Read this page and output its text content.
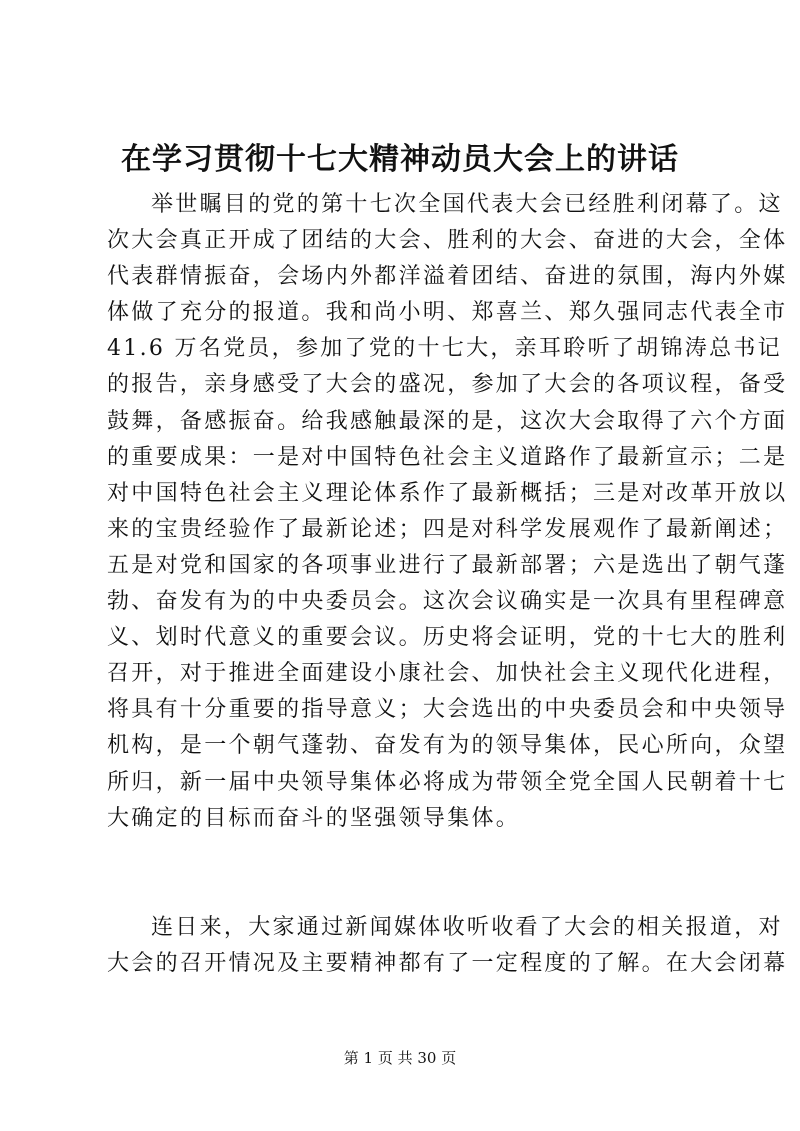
在学习贯彻十七大精神动员大会上的讲话
举世瞩目的党的第十七次全国代表大会已经胜利闭幕了。这
次大会真正开成了团结的大会、胜利的大会、奋进的大会，全体
代表群情振奋，会场内外都洋溢着团结、奋进的氛围，海内外媒
体做了充分的报道。我和尚小明、郑喜兰、郑久强同志代表全市
41.6 万名党员，参加了党的十七大，亲耳聆听了胡锦涛总书记
的报告，亲身感受了大会的盛况，参加了大会的各项议程，备受
鼓舞，备感振奋。给我感触最深的是，这次大会取得了六个方面
的重要成果：一是对中国特色社会主义道路作了最新宣示；二是
对中国特色社会主义理论体系作了最新概括；三是对改革开放以
来的宝贵经验作了最新论述；四是对科学发展观作了最新阐述；
五是对党和国家的各项事业进行了最新部署；六是选出了朝气蓬
勃、奋发有为的中央委员会。这次会议确实是一次具有里程碑意
义、划时代意义的重要会议。历史将会证明，党的十七大的胜利
召开，对于推进全面建设小康社会、加快社会主义现代化进程，
将具有十分重要的指导意义；大会选出的中央委员会和中央领导
机构，是一个朝气蓬勃、奋发有为的领导集体，民心所向，众望
所归，新一届中央领导集体必将成为带领全党全国人民朝着十七
大确定的目标而奋斗的坚强领导集体。
连日来，大家通过新闻媒体收听收看了大会的相关报道，对
大会的召开情况及主要精神都有了一定程度的了解。在大会闭幕

第 1 页 共 30 页
